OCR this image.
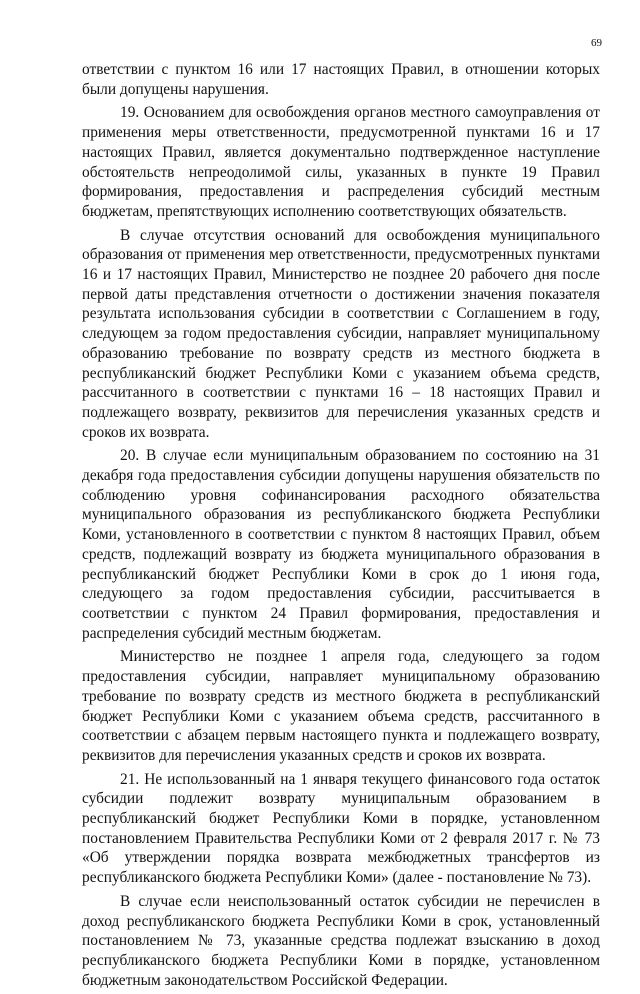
69

ответствии с пунктом 16 или 17 настоящих Правил, в отношении которых были допущены нарушения.

19. Основанием для освобождения органов местного самоуправления от применения меры ответственности, предусмотренной пунктами 16 и 17 настоящих Правил, является документально подтвержденное наступление обстоятельств непреодолимой силы, указанных в пункте 19 Правил формирования, предоставления и распределения субсидий местным бюджетам, препятствующих исполнению соответствующих обязательств.

В случае отсутствия оснований для освобождения муниципального образования от применения мер ответственности, предусмотренных пунктами 16 и 17 настоящих Правил, Министерство не позднее 20 рабочего дня после первой даты представления отчетности о достижении значения показателя результата использования субсидии в соответствии с Соглашением в году, следующем за годом предоставления субсидии, направляет муниципальному образованию требование по возврату средств из местного бюджета в республиканский бюджет Республики Коми с указанием объема средств, рассчитанного в соответствии с пунктами 16 – 18 настоящих Правил и подлежащего возврату, реквизитов для перечисления указанных средств и сроков их возврата.

20. В случае если муниципальным образованием по состоянию на 31 декабря года предоставления субсидии допущены нарушения обязательств по соблюдению уровня софинансирования расходного обязательства муниципального образования из республиканского бюджета Республики Коми, установленного в соответствии с пунктом 8 настоящих Правил, объем средств, подлежащий возврату из бюджета муниципального образования в республиканский бюджет Республики Коми в срок до 1 июня года, следующего за годом предоставления субсидии, рассчитывается в соответствии с пунктом 24 Правил формирования, предоставления и распределения субсидий местным бюджетам.

Министерство не позднее 1 апреля года, следующего за годом предоставления субсидии, направляет муниципальному образованию требование по возврату средств из местного бюджета в республиканский бюджет Республики Коми с указанием объема средств, рассчитанного в соответствии с абзацем первым настоящего пункта и подлежащего возврату, реквизитов для перечисления указанных средств и сроков их возврата.

21. Не использованный на 1 января текущего финансового года остаток субсидии подлежит возврату муниципальным образованием в республиканский бюджет Республики Коми в порядке, установленном постановлением Правительства Республики Коми от 2 февраля 2017 г. № 73 «Об утверждении порядка возврата межбюджетных трансфертов из республиканского бюджета Республики Коми» (далее - постановление № 73).

В случае если неиспользованный остаток субсидии не перечислен в доход республиканского бюджета Республики Коми в срок, установленный постановлением № 73, указанные средства подлежат взысканию в доход республиканского бюджета Республики Коми в порядке, установленном бюджетным законодательством Российской Федерации.
